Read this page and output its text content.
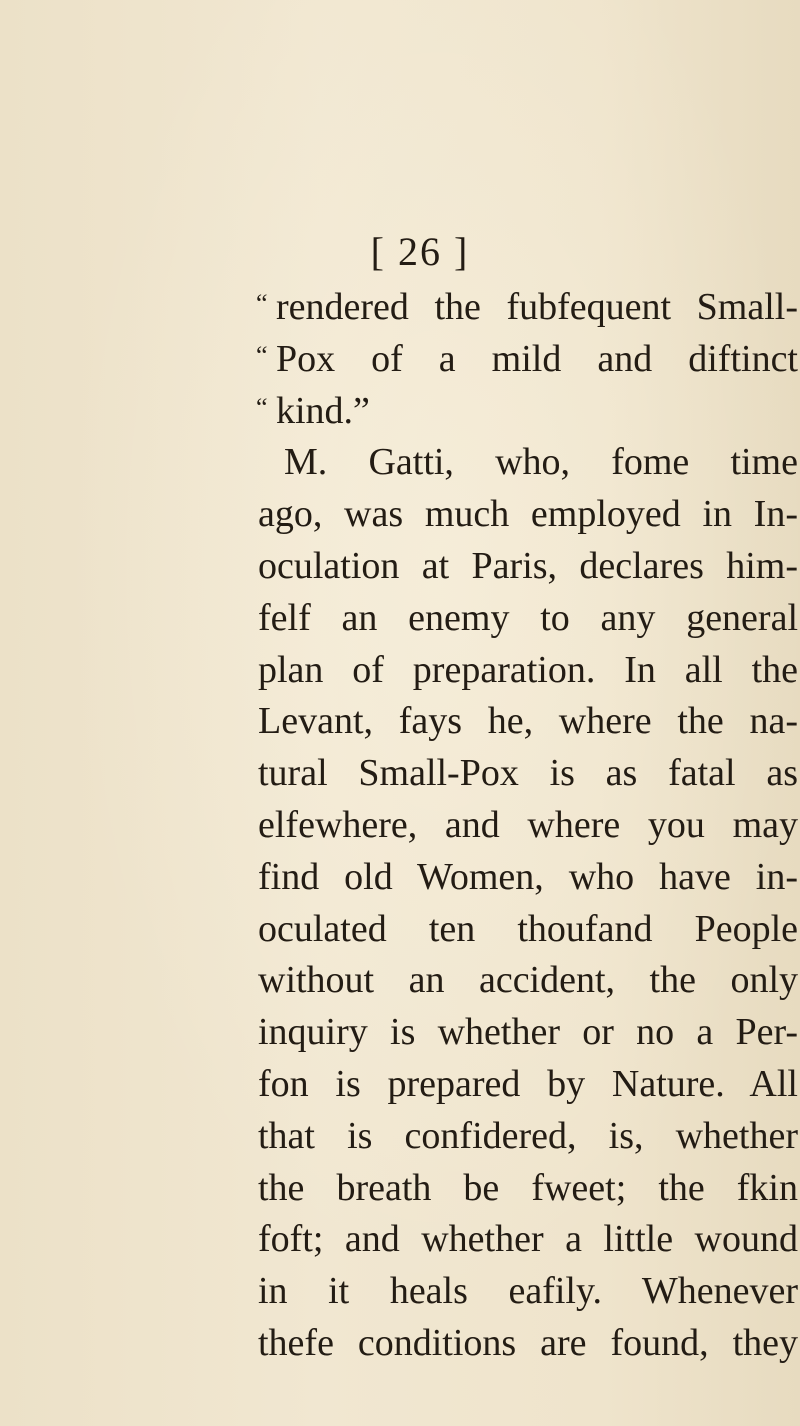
[ 26 ]
“ rendered the fubfequent Small-
“ Pox of a mild and diftinct
“ kind.”
M. Gatti, who, fome time
ago, was much employed in In-
oculation at Paris, declares him-
felf an enemy to any general
plan of preparation. In all the
Levant, fays he, where the na-
tural Small-Pox is as fatal as
elfewhere, and where you may
find old Women, who have in-
oculated ten thoufand People
without an accident, the only
inquiry is whether or no a Per-
fon is prepared by Nature. All
that is confidered, is, whether
the breath be fweet; the fkin
foft; and whether a little wound
in it heals eafily. Whenever
thefe conditions are found, they
